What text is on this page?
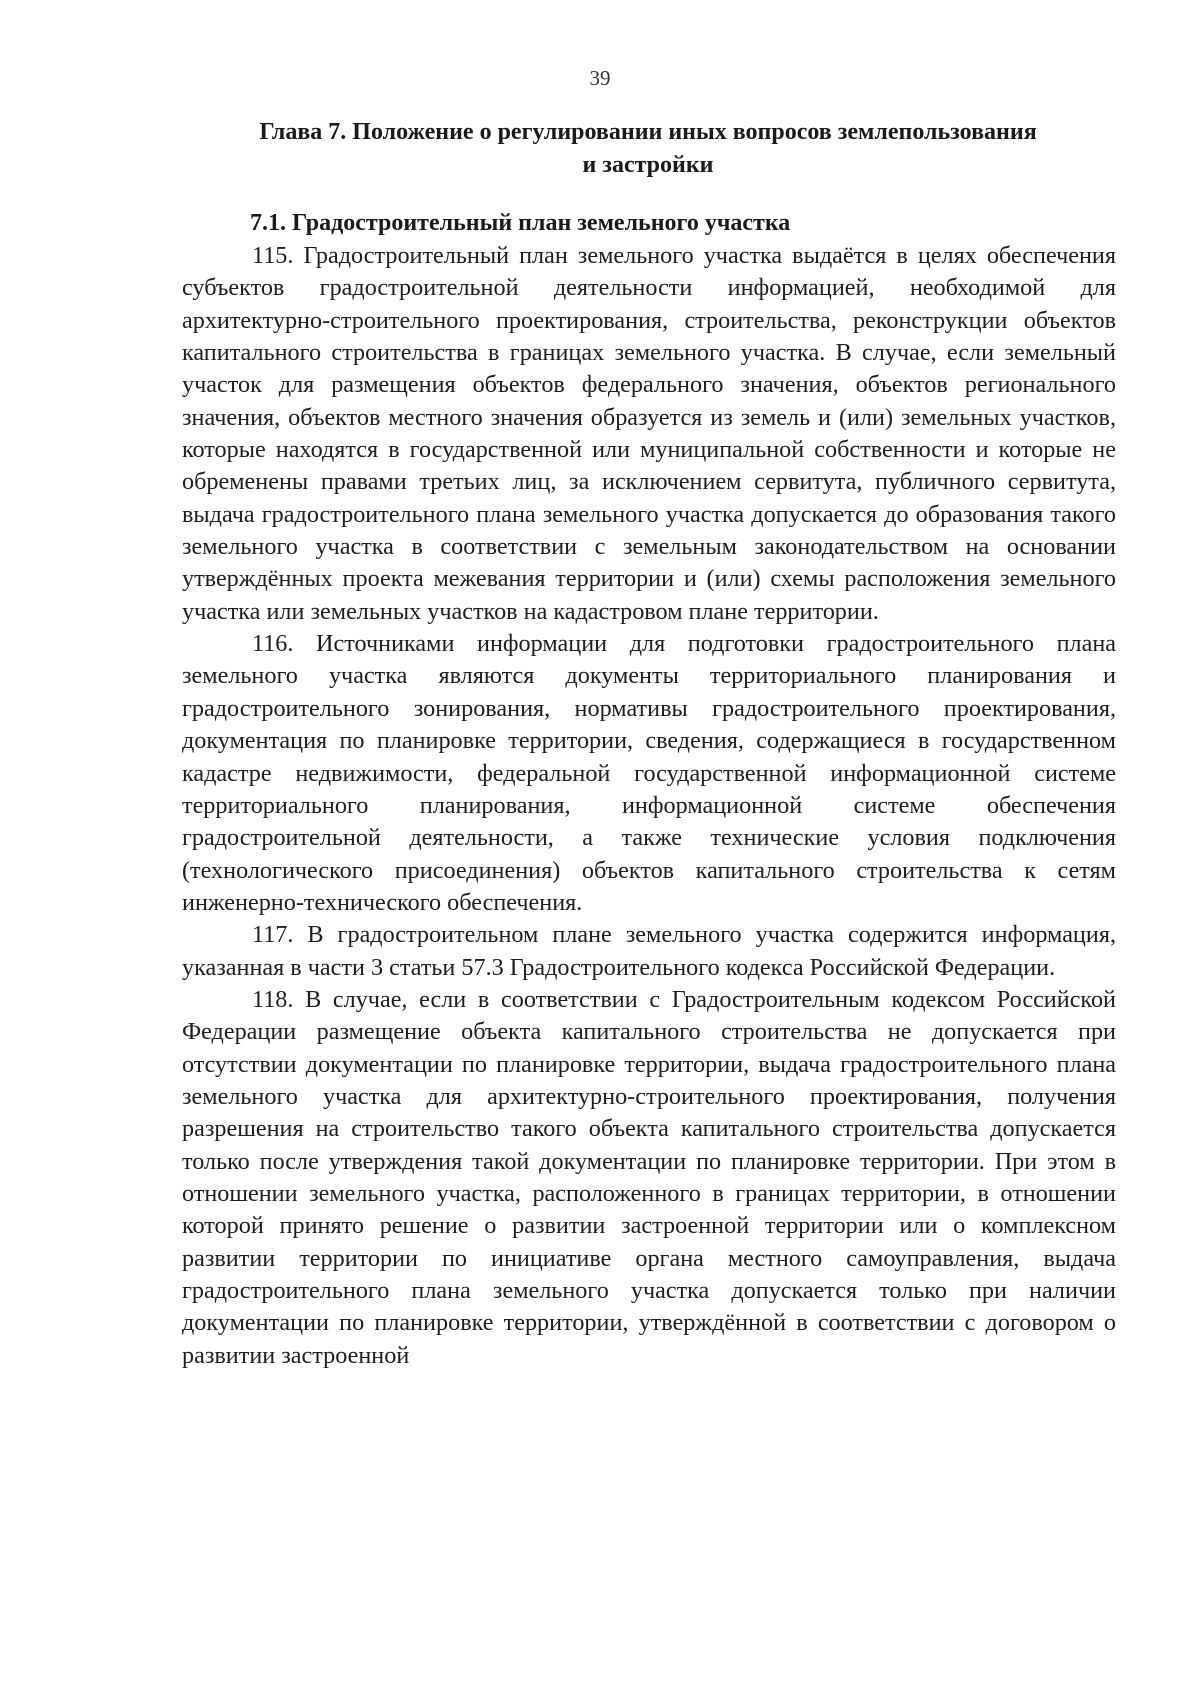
39
Глава 7. Положение о регулировании иных вопросов землепользования
и застройки
7.1. Градостроительный план земельного участка

115. Градостроительный план земельного участка выдаётся в целях обеспечения субъектов градостроительной деятельности информацией, необходимой для архитектурно-строительного проектирования, строительства, реконструкции объектов капитального строительства в границах земельного участка. В случае, если земельный участок для размещения объектов федерального значения, объектов регионального значения, объектов местного значения образуется из земель и (или) земельных участков, которые находятся в государственной или муниципальной собственности и которые не обременены правами третьих лиц, за исключением сервитута, публичного сервитута, выдача градостроительного плана земельного участка допускается до образования такого земельного участка в соответствии с земельным законодательством на основании утверждённых проекта межевания территории и (или) схемы расположения земельного участка или земельных участков на кадастровом плане территории.

116. Источниками информации для подготовки градостроительного плана земельного участка являются документы территориального планирования и градостроительного зонирования, нормативы градостроительного проектирования, документация по планировке территории, сведения, содержащиеся в государственном кадастре недвижимости, федеральной государственной информационной системе территориального планирования, информационной системе обеспечения градостроительной деятельности, а также технические условия подключения (технологического присоединения) объектов капитального строительства к сетям инженерно-технического обеспечения.

117. В градостроительном плане земельного участка содержится информация, указанная в части 3 статьи 57.3 Градостроительного кодекса Российской Федерации.

118. В случае, если в соответствии с Градостроительным кодексом Российской Федерации размещение объекта капитального строительства не допускается при отсутствии документации по планировке территории, выдача градостроительного плана земельного участка для архитектурно-строительного проектирования, получения разрешения на строительство такого объекта капитального строительства допускается только после утверждения такой документации по планировке территории. При этом в отношении земельного участка, расположенного в границах территории, в отношении которой принято решение о развитии застроенной территории или о комплексном развитии территории по инициативе органа местного самоуправления, выдача градостроительного плана земельного участка допускается только при наличии документации по планировке территории, утверждённой в соответствии с договором о развитии застроенной
